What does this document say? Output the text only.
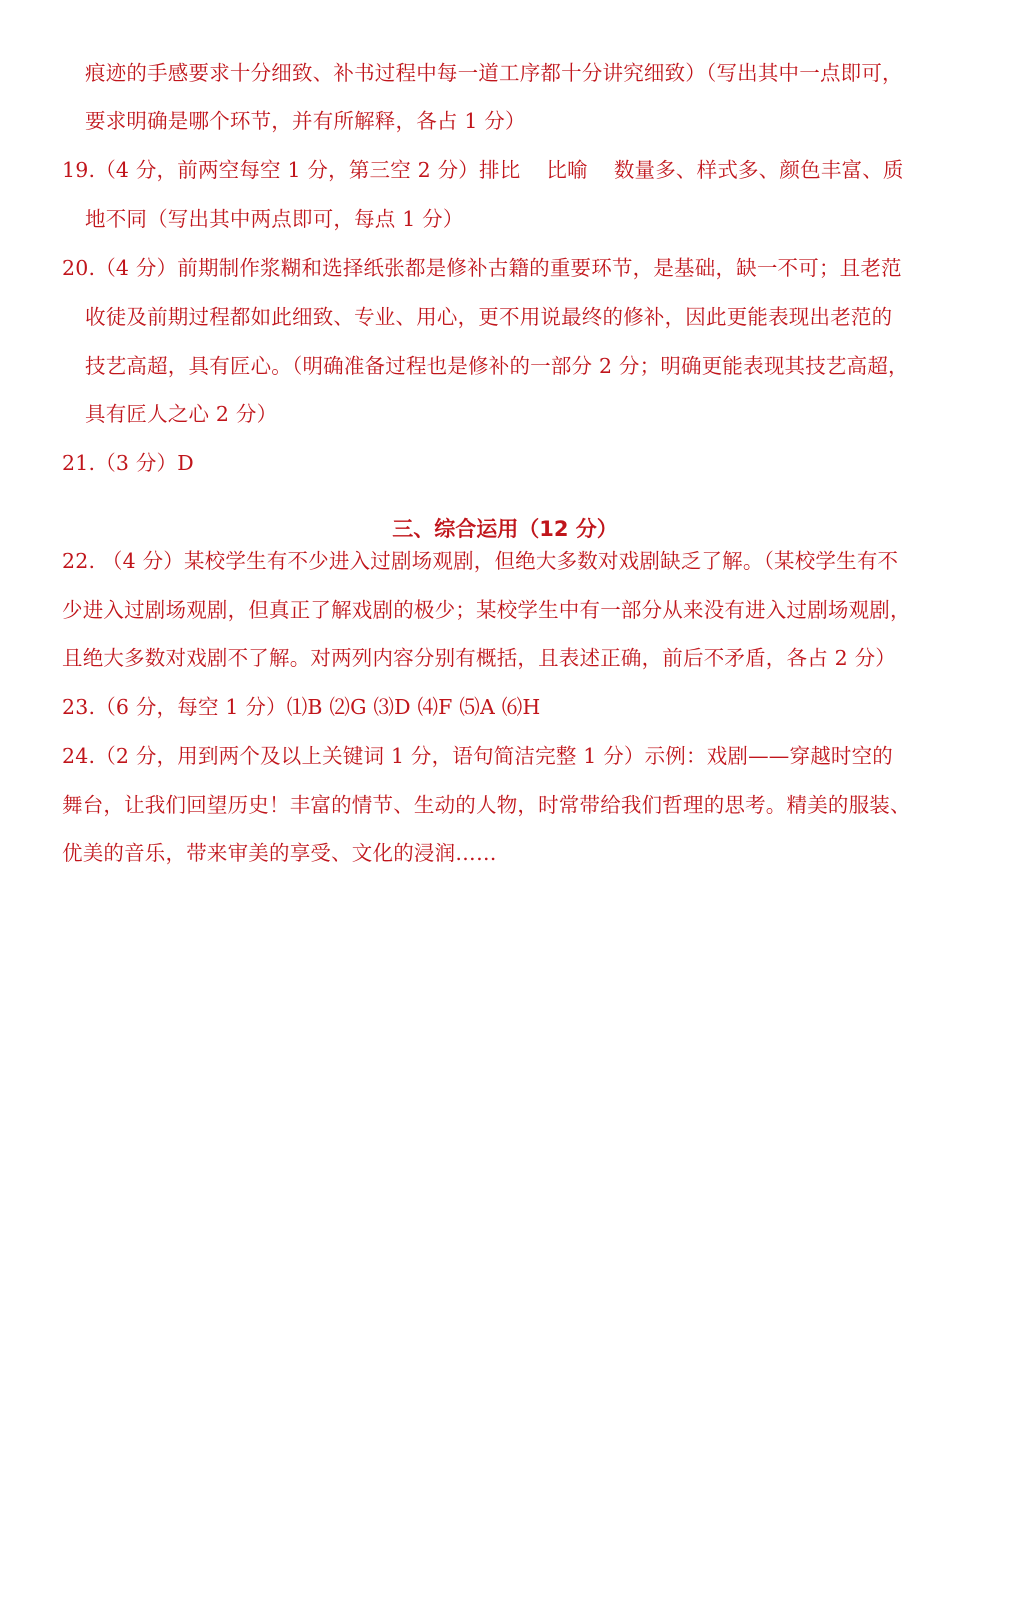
痕迹的手感要求十分细致、补书过程中每一道工序都十分讲究细致）（写出其中一点即可，
要求明确是哪个环节，并有所解释，各占 1 分）
19.（4 分，前两空每空 1 分，第三空 2 分）排比 比喻 数量多、样式多、颜色丰富、质
地不同（写出其中两点即可，每点 1 分）
20.（4 分）前期制作浆糊和选择纸张都是修补古籍的重要环节，是基础，缺一不可；且老范
收徒及前期过程都如此细致、专业、用心，更不用说最终的修补，因此更能表现出老范的
技艺高超，具有匠心。（明确准备过程也是修补的一部分 2 分；明确更能表现其技艺高超，
具有匠人之心 2 分）
21.（3 分）D
三、综合运用（12 分）
22. （4 分）某校学生有不少进入过剧场观剧，但绝大多数对戏剧缺乏了解。（某校学生有不
少进入过剧场观剧，但真正了解戏剧的极少；某校学生中有一部分从来没有进入过剧场观剧，
且绝大多数对戏剧不了解。对两列内容分别有概括，且表述正确，前后不矛盾，各占 2 分）
23.（6 分，每空 1 分）⑴B ⑵G ⑶D ⑷F ⑸A ⑹H
24.（2 分，用到两个及以上关键词 1 分，语句简洁完整 1 分）示例：戏剧——穿越时空的
舞台，让我们回望历史！丰富的情节、生动的人物，时常带给我们哲理的思考。精美的服装、
优美的音乐，带来审美的享受、文化的浸润……
